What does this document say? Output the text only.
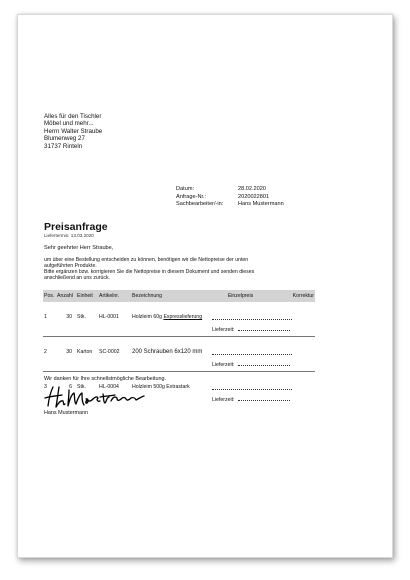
Alles für den Tischler
Möbel und mehr...
Herrn Walter Straube
Blumenweg 27
31737 Rinteln
Datum:	28.02.2020
Anfrage-Nr.:	2020022801
Sachbearbeiter/-in:	Hans Mustermann
Preisanfrage
Liefertermin: 13.03.2020
Sehr geehrter Herr Straube,
um über eine Bestellung entscheiden zu können, benötigen wir die Nettopreise der unten
aufgeführten Produkte.
Bitte ergänzen bzw. korrigieren Sie die Nettopreise in diesem Dokument und senden dieses
anschließend an uns zurück.
Pos.	Anzahl	Einheit	Artikelnr.	Bezeichnung	Einzelpreis	Korrektur
1	30	Stk.	HL-0001	Holzleim 60g Expresslieferung		
					Lieferzeit:	

2	30	Karton	SC-0002	200 Schrauben 6x120 mm		
					Lieferzeit:	

3	6	Stk.	HL-0004	Holzleim 500g Extrastark		
					Lieferzeit:	
Wir danken für Ihre schnellstmögliche Bearbeitung.
Hans Mustermann
